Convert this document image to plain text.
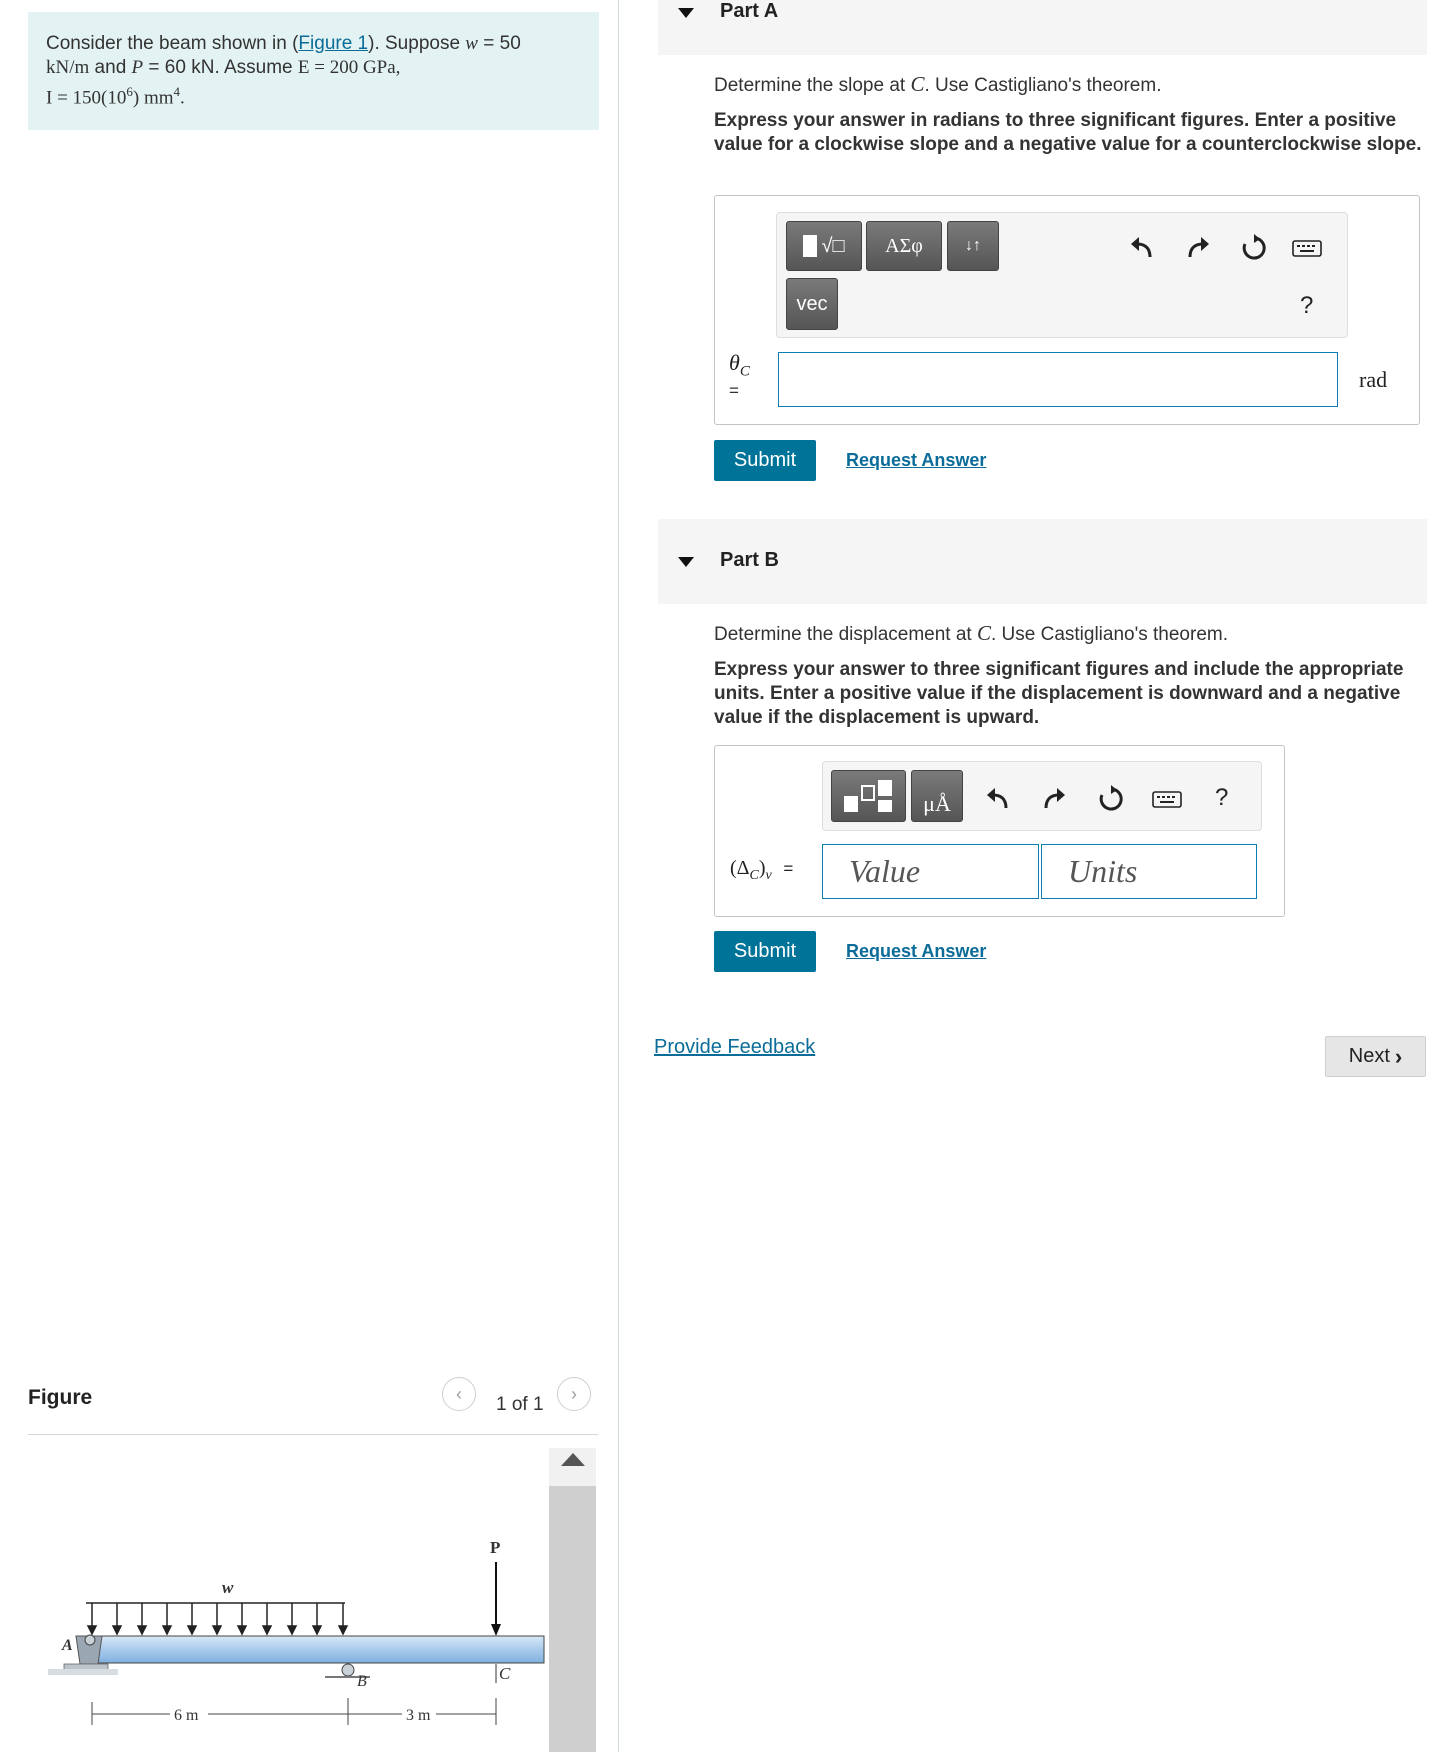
Consider the beam shown in (Figure 1). Suppose w = 50
kN/m and P = 60 kN. Assume E = 200 GPa,
$I = 150(10^6)$ $mm^4$.
Figure	‹
1 of 1
›
w
P
A
B	C
6 m	3 m
Part A
Determine the slope at C. Use Castigliano's theorem.
Express your answer in radians to three significant figures. Enter a positive value for a clockwise slope and a negative value for a counterclockwise slope.
√□	ΑΣφ	↓↑
vec	?
$\theta_C$
=	rad
Submit	Request Answer
Part B
Determine the displacement at C. Use Castigliano's theorem.
Express your answer to three significant figures and include the appropriate units. Enter a positive value if the displacement is downward and a negative value if the displacement is upward.
μÅ	?
$(\Delta_C)_v$ = Value	Units
Submit	Request Answer
Provide Feedback	Next ›
